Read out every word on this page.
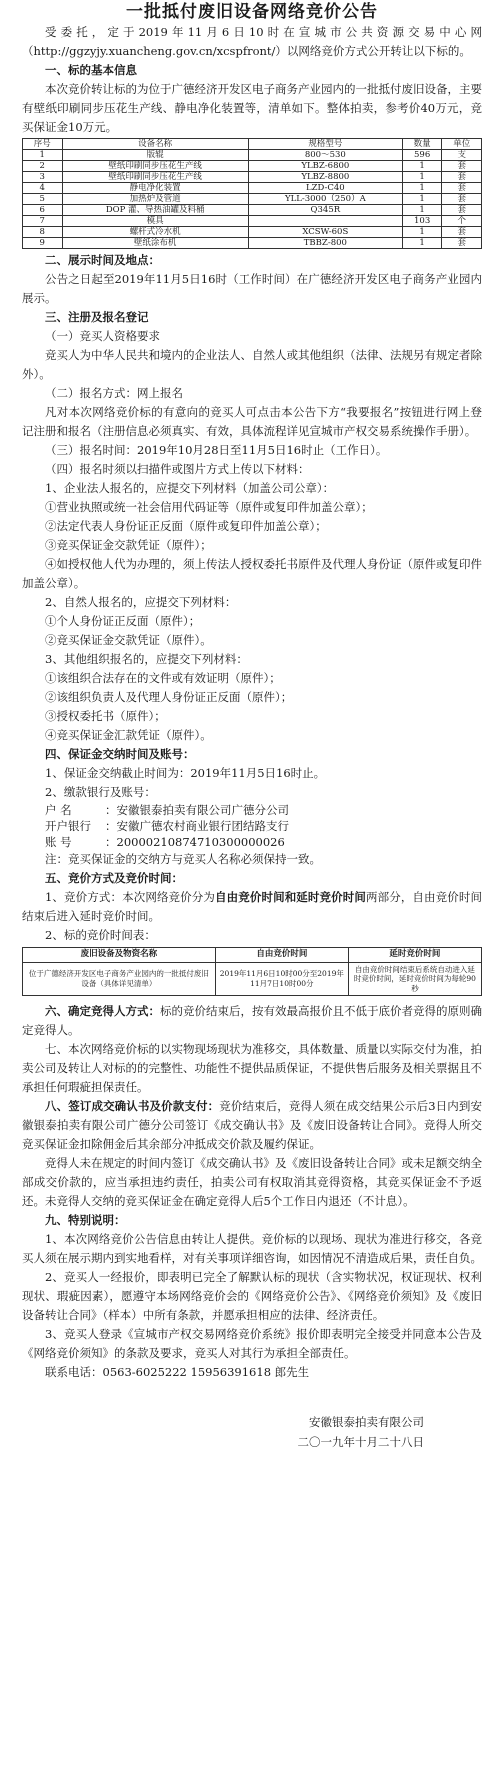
一批抵付废旧设备网络竞价公告

受委托，定于2019年11月6日10时在宣城市公共资源交易中心网（http://ggzyjy.xuancheng.gov.cn/xcspfront/）以网络竞价方式公开转让以下标的。

一、标的基本信息

本次竞价转让标的为位于广德经济开发区电子商务产业园内的一批抵付废旧设备，主要有壁纸印刷同步压花生产线、静电净化装置等，清单如下。整体拍卖，参考价40万元，竞买保证金10万元。

序号	设备名称	规格型号	数量	单位
1	版辊	800～530	596	支
2	壁纸印刷同步压花生产线	YLBZ-6800	1	套
3	壁纸印刷同步压花生产线	YLBZ-8800	1	套
4	静电净化装置	LZD-C40	1	套
5	加热炉及管道	YLL-3000（250）A	1	套
6	DOP 灌、导热油罐及料桶	Q345R	1	套
7	模具		103	个
8	螺杆式冷水机	XCSW-60S	1	套
9	壁纸涂布机	TBBZ-800	1	套

二、展示时间及地点：

公告之日起至2019年11月5日16时（工作时间）在广德经济开发区电子商务产业园内展示。

三、注册及报名登记

（一）竞买人资格要求

竞买人为中华人民共和境内的企业法人、自然人或其他组织（法律、法规另有规定者除外）。

（二）报名方式：网上报名

凡对本次网络竞价标的有意向的竞买人可点击本公告下方“我要报名”按钮进行网上登记注册和报名（注册信息必须真实、有效，具体流程详见宣城市产权交易系统操作手册）。

（三）报名时间：2019年10月28日至11月5日16时止（工作日）。

（四）报名时须以扫描件或图片方式上传以下材料：

1、企业法人报名的，应提交下列材料（加盖公司公章）：

①营业执照或统一社会信用代码证等（原件或复印件加盖公章）；

②法定代表人身份证正反面（原件或复印件加盖公章）；

③竞买保证金交款凭证（原件）；

④如授权他人代为办理的，须上传法人授权委托书原件及代理人身份证（原件或复印件加盖公章）。

2、自然人报名的，应提交下列材料：

①个人身份证正反面（原件）；

②竞买保证金交款凭证（原件）。

3、其他组织报名的，应提交下列材料：

①该组织合法存在的文件或有效证明（原件）；

②该组织负责人及代理人身份证正反面（原件）；

③授权委托书（原件）；

④竞买保证金汇款凭证（原件）。

四、保证金交纳时间及账号：

1、保证金交纳截止时间为：2019年11月5日16时止。

2、缴款银行及账号：

户 名	：安徽银泰拍卖有限公司广德分公司
开户银行 ：安徽广德农村商业银行团结路支行
账 号	：20000210874710300000026

注：竞买保证金的交纳方与竞买人名称必须保持一致。

五、竞价方式及竞价时间：

1、竞价方式：本次网络竞价分为自由竞价时间和延时竞价时间两部分，自由竞价时间结束后进入延时竞价时间。

2、标的竞价时间表：

废旧设备及物资名称	自由竞价时间	延时竞价时间
位于广德经济开发区电子商务产业园内的一批抵付废旧设备（具体详见清单）	2019年11月6日10时00分至2019年11月7日10时00分	自由竞价时间结束后系统自动进入延时竞价时间，延时竞价时间为每轮90秒

六、确定竞得人方式：标的竞价结束后，按有效最高报价且不低于底价者竞得的原则确定竞得人。

七、本次网络竞价标的以实物现场现状为准移交，具体数量、质量以实际交付为准，拍卖公司及转让人对标的的完整性、功能性不提供品质保证，不提供售后服务及相关票据且不承担任何瑕疵担保责任。

八、签订成交确认书及价款支付：竞价结束后，竞得人须在成交结果公示后3日内到安徽银泰拍卖有限公司广德分公司签订《成交确认书》及《废旧设备转让合同》。竞得人所交竞买保证金扣除佣金后其余部分冲抵成交价款及履约保证。

竞得人未在规定的时间内签订《成交确认书》及《废旧设备转让合同》或未足额交纳全部成交价款的，应当承担违约责任，拍卖公司有权取消其竞得资格，其竞买保证金不予返还。未竞得人交纳的竞买保证金在确定竞得人后5个工作日内退还（不计息）。

九、特别说明：

1、本次网络竞价公告信息由转让人提供。竞价标的以现场、现状为准进行移交，各竞买人须在展示期内到实地看样，对有关事项详细咨询，如因情况不清造成后果，责任自负。

2、竞买人一经报价，即表明已完全了解默认标的现状（含实物状况，权证现状、权利现状、瑕疵因素），愿遵守本场网络竞价会的《网络竞价公告》、《网络竞价须知》及《废旧设备转让合同》（样本）中所有条款，并愿承担相应的法律、经济责任。

3、竞买人登录《宣城市产权交易网络竞价系统》报价即表明完全接受并同意本公告及《网络竞价须知》的条款及要求，竞买人对其行为承担全部责任。

联系电话：0563-6025222 15956391618 郎先生

安徽银泰拍卖有限公司
二〇一九年十月二十八日
